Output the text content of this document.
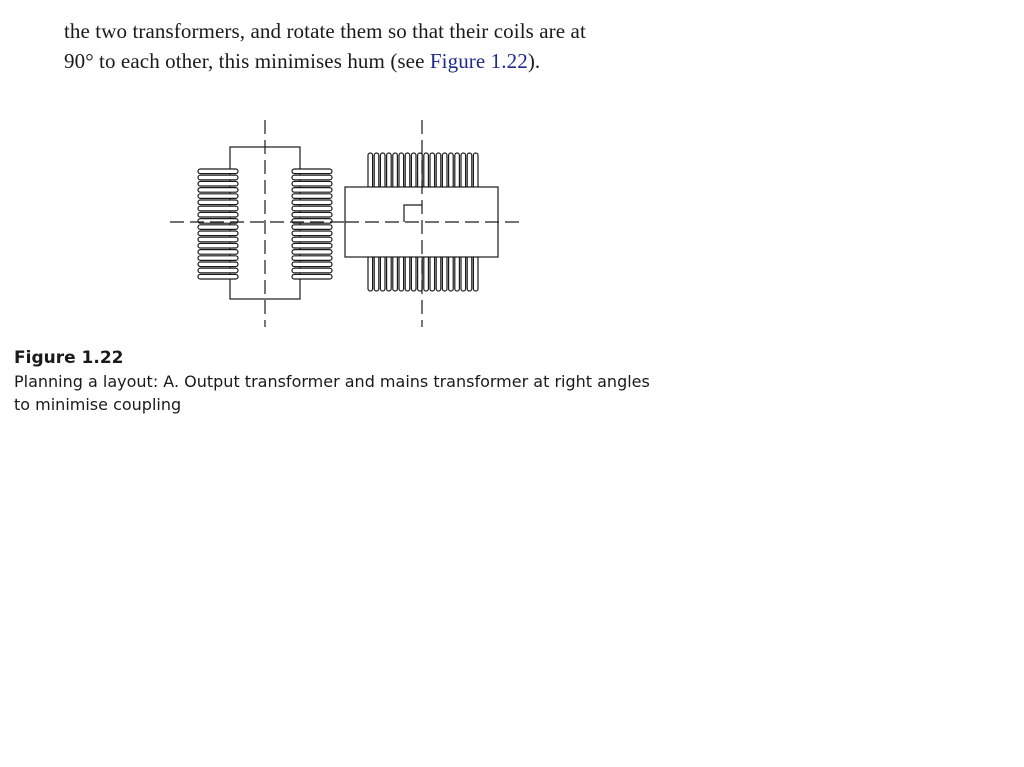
the two transformers, and rotate them so that their coils are at
90° to each other, this minimises hum (see Figure 1.22).
Figure 1.22
Planning a layout: A. Output transformer and mains transformer at right angles
to minimise coupling
